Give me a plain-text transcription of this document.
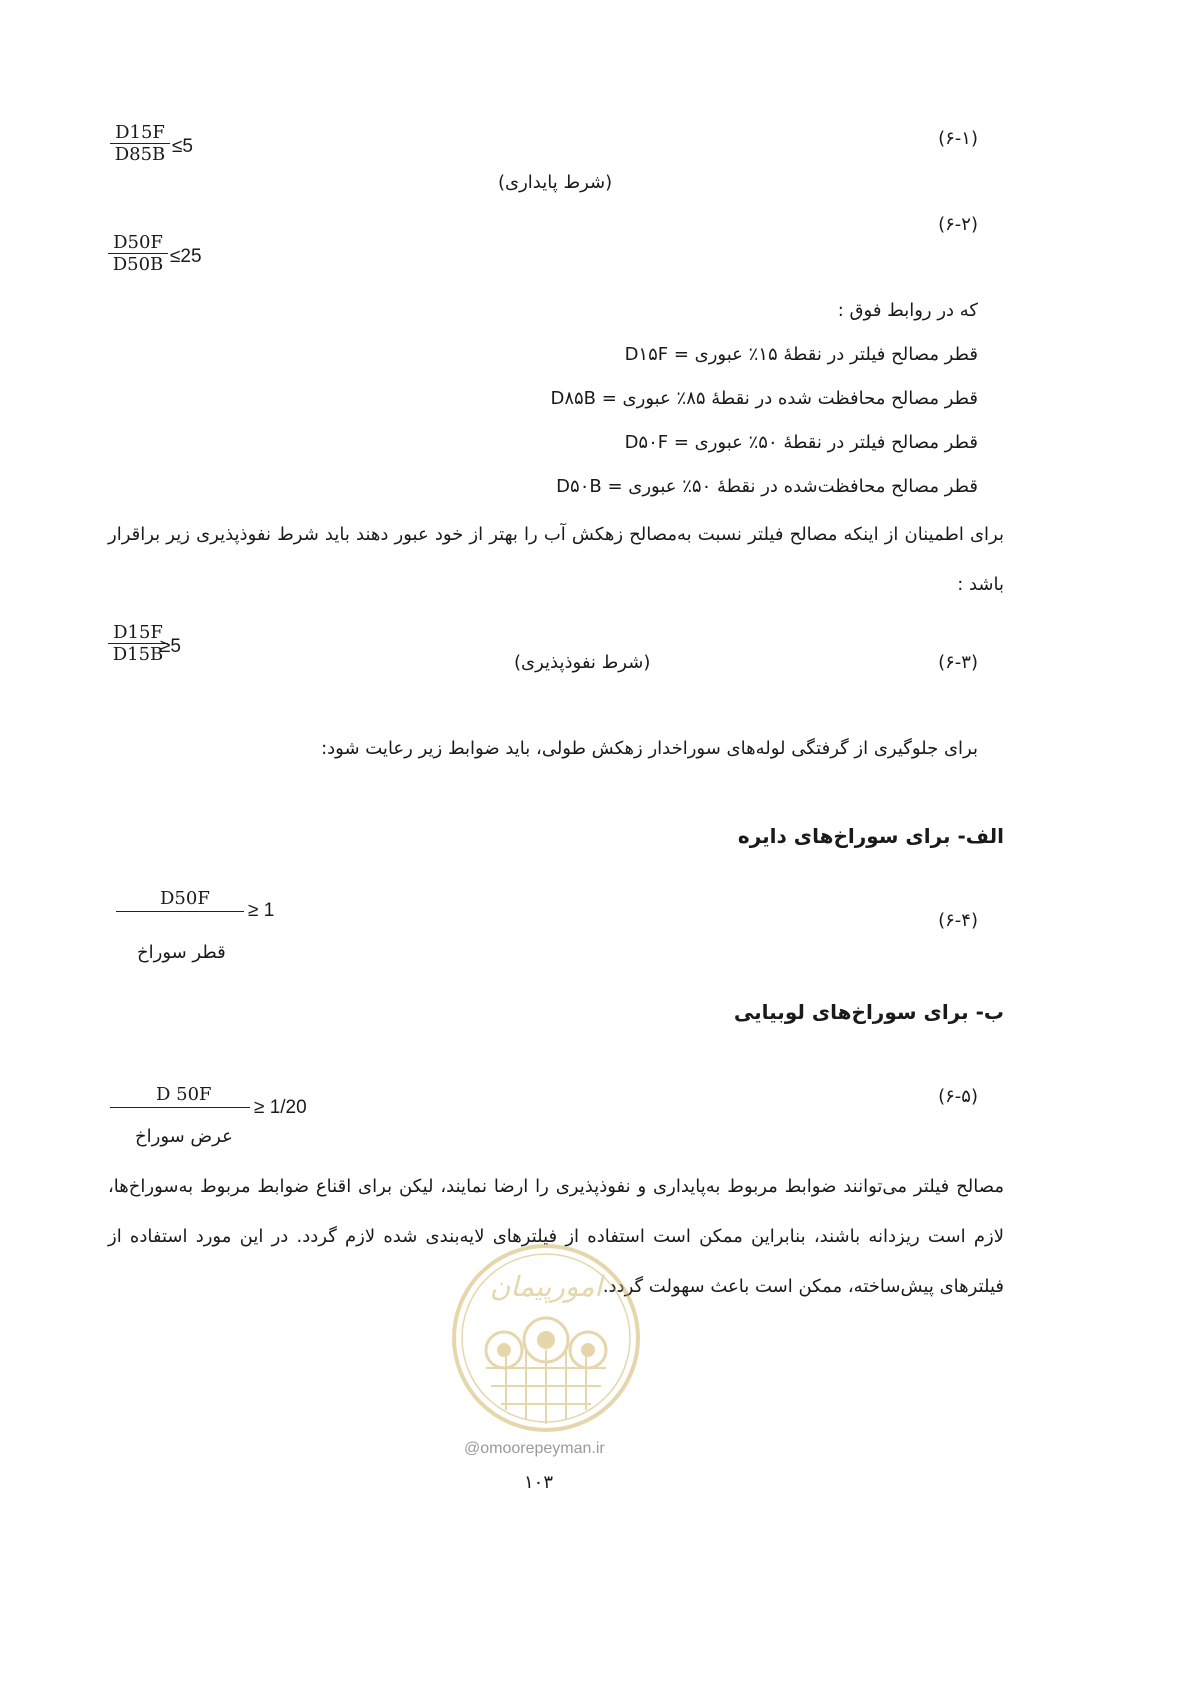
D15F
D85B ≤5
(شرط پایداری)
(۶-۱)
D50F
D50B ≤25
(۶-۲)
که در روابط فوق :
D۱۵F = قطر مصالح فیلتر در نقطهٔ ۱۵٪ عبوری
D۸۵B = قطر مصالح محافظت شده در نقطهٔ ۸۵٪ عبوری
D۵۰F = قطر مصالح فیلتر در نقطهٔ ۵۰٪ عبوری
D۵۰B = قطر مصالح محافظت‌شده در نقطهٔ ۵۰٪ عبوری
برای اطمینان از اینکه مصالح فیلتر نسبت به‌مصالح زهکش آب را بهتر از خود عبور دهند باید شرط نفوذپذیری زیر براقرار باشد :
D15F
D15B
≥5
(شرط نفوذپذیری)	(۶-۳)
برای جلوگیری از گرفتگی لوله‌های سوراخدار زهکش طولی، باید ضوابط زیر رعایت شود:
الف- برای سوراخ‌های دایره
D50F
≥ 1
قطر سوراخ
(۶-۴)
ب- برای سوراخ‌های لوبیایی
D 50F
≥ 1/20
عرض سوراخ
(۶-۵)
مصالح فیلتر می‌توانند ضوابط مربوط به‌پایداری و نفوذپذیری را ارضا نمایند، لیکن برای اقناع ضوابط مربوط به‌سوراخ‌ها، لازم است ریزدانه باشند، بنابراین ممکن است استفاده از فیلترهای لایه‌بندی شده لازم گردد. در این مورد استفاده از فیلترهای پیش‌ساخته، ممکن است باعث سهولت گردد.
امورپیمان
@omoorepeyman.ir
۱۰۳
